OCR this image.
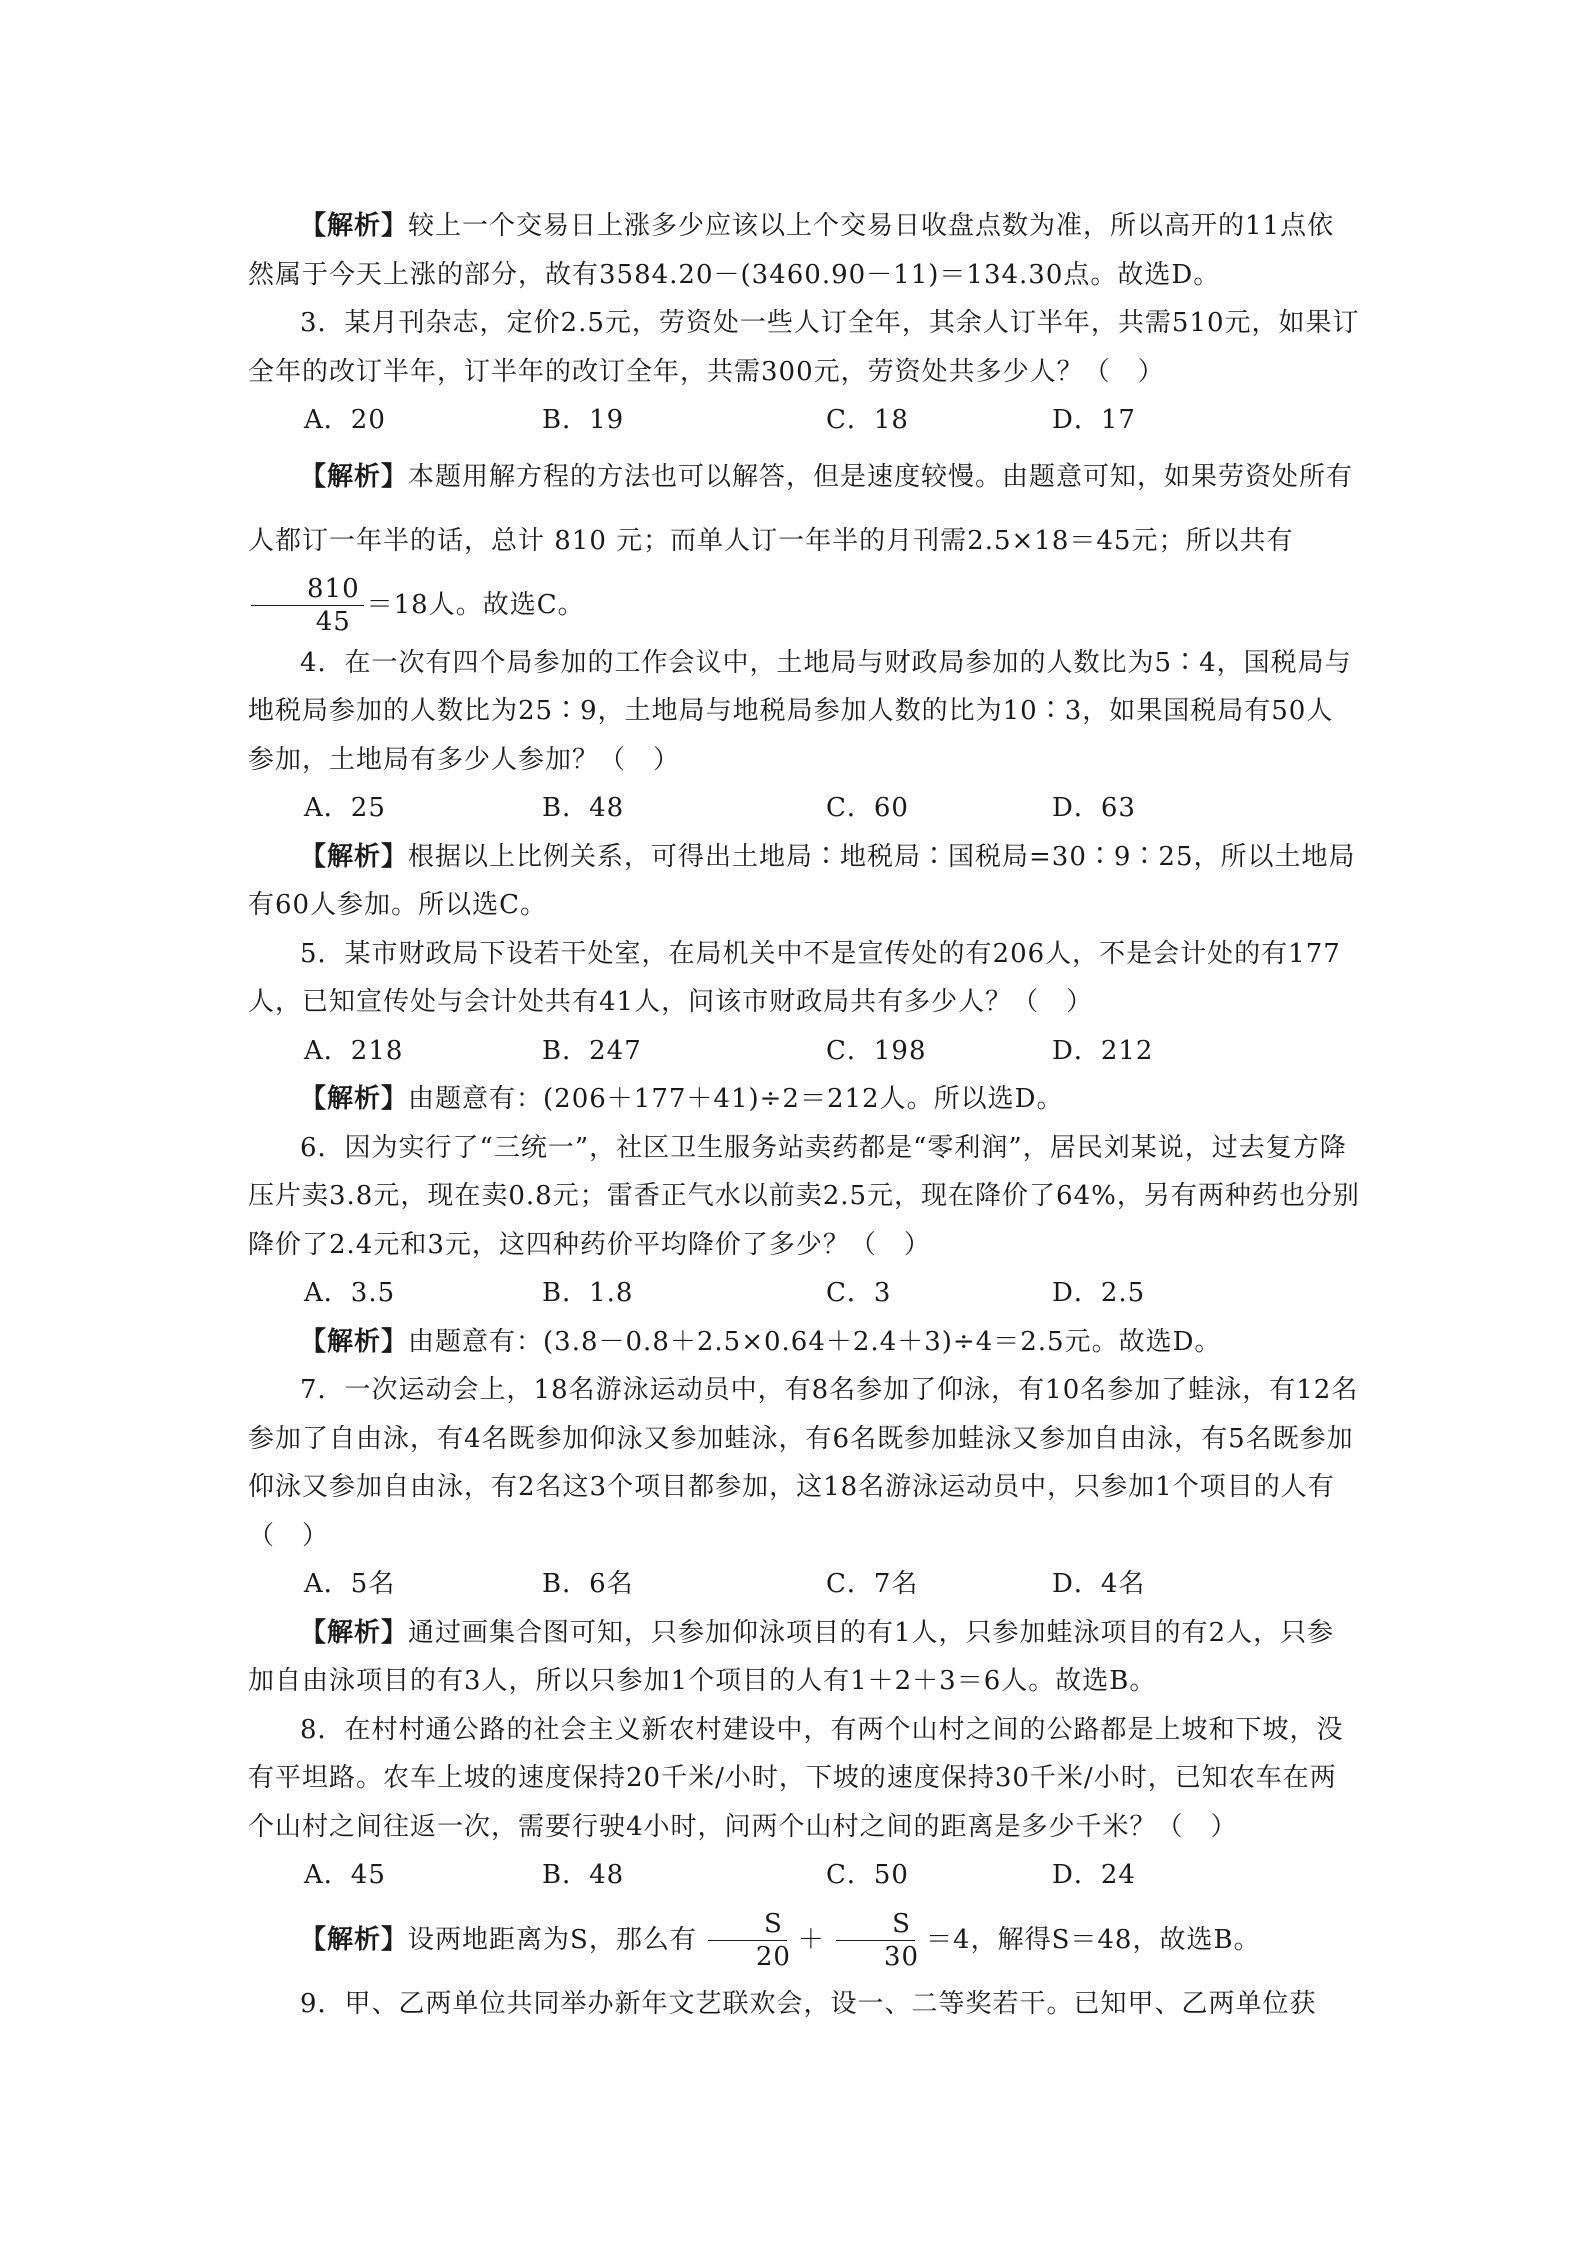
【解析】较上一个交易日上涨多少应该以上个交易日收盘点数为准，所以高开的11点依然属于今天上涨的部分，故有3584.20－(3460.90－11)＝134.30点。故选D。

3．某月刊杂志，定价2.5元，劳资处一些人订全年，其余人订半年，共需510元，如果订全年的改订半年，订半年的改订全年，共需300元，劳资处共多少人？（　）

A．20	B．19	C．18	D．17

【解析】本题用解方程的方法也可以解答，但是速度较慢。由题意可知，如果劳资处所有人都订一年半的话，总计 810 元；而单人订一年半的月刊需2.5×18＝45元；所以共有
$\frac{810}{45} =18$人。故选C。

4．在一次有四个局参加的工作会议中，土地局与财政局参加的人数比为5∶4，国税局与地税局参加的人数比为25∶9，土地局与地税局参加人数的比为10∶3，如果国税局有50人参加，土地局有多少人参加？（　）

A．25	B．48	C．60	D．63

【解析】根据以上比例关系，可得出土地局∶地税局∶国税局=30∶9∶25，所以土地局有60人参加。所以选C。

5．某市财政局下设若干处室，在局机关中不是宣传处的有206人，不是会计处的有177人，已知宣传处与会计处共有41人，问该市财政局共有多少人？（　）

A．218	B．247	C．198	D．212

【解析】由题意有：(206＋177＋41)÷2＝212人。所以选D。

6．因为实行了“三统一”，社区卫生服务站卖药都是“零利润”，居民刘某说，过去复方降压片卖3.8元，现在卖0.8元；雷香正气水以前卖2.5元，现在降价了64%，另有两种药也分别降价了2.4元和3元，这四种药价平均降价了多少？（　）

A．3.5	B．1.8	C．3	D．2.5

【解析】由题意有：(3.8－0.8＋2.5×0.64＋2.4＋3)÷4＝2.5元。故选D。

7．一次运动会上，18名游泳运动员中，有8名参加了仰泳，有10名参加了蛙泳，有12名参加了自由泳，有4名既参加仰泳又参加蛙泳，有6名既参加蛙泳又参加自由泳，有5名既参加仰泳又参加自由泳，有2名这3个项目都参加，这18名游泳运动员中，只参加1个项目的人有（　）

A．5名	B．6名	C．7名	D．4名

【解析】通过画集合图可知，只参加仰泳项目的有1人，只参加蛙泳项目的有2人，只参加自由泳项目的有3人，所以只参加1个项目的人有1＋2＋3＝6人。故选B。

8．在村村通公路的社会主义新农村建设中，有两个山村之间的公路都是上坡和下坡，没有平坦路。农车上坡的速度保持20千米/小时，下坡的速度保持30千米/小时，已知农车在两个山村之间往返一次，需要行驶4小时，问两个山村之间的距离是多少千米？（　）

A．45	B．48	C．50	D．24

【解析】设两地距离为S，那么有 $\frac{S}{20} + \frac{S}{30} =4$，解得S＝48，故选B。

9．甲、乙两单位共同举办新年文艺联欢会，设一、二等奖若干。已知甲、乙两单位获
